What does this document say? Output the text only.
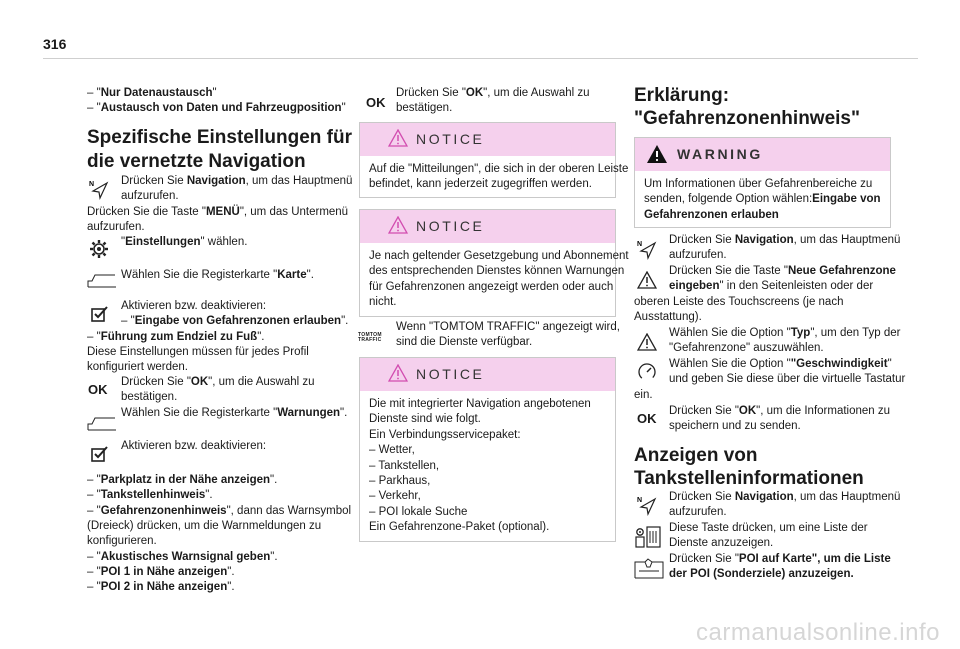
316
– "Nur Datenaustausch"
– "Austausch von Daten und Fahrzeugposition"
Spezifische Einstellungen für
die vernetzte Navigation
N Drücken Sie Navigation, um das Hauptmenü
aufzurufen.
Drücken Sie die Taste "MENÜ", um das Untermenü
aufzurufen.
"Einstellungen" wählen.
Wählen Sie die Registerkarte "Karte".
Aktivieren bzw. deaktivieren:
– "Eingabe von Gefahrenzonen erlauben".
– "Führung zum Endziel zu Fuß".
Diese Einstellungen müssen für jedes Profil
konfiguriert werden.
OK Drücken Sie "OK", um die Auswahl zu
bestätigen.
Wählen Sie die Registerkarte "Warnungen".
Aktivieren bzw. deaktivieren:
– "Parkplatz in der Nähe anzeigen".
– "Tankstellenhinweis".
– "Gefahrenzonenhinweis", dann das Warnsymbol
(Dreieck) drücken, um die Warnmeldungen zu
konfigurieren.
– "Akustisches Warnsignal geben".
– "POI 1 in Nähe anzeigen".
– "POI 2 in Nähe anzeigen".
OK
Drücken Sie "OK", um die Auswahl zu
bestätigen.
NOTICE
Auf die "Mitteilungen", die sich in der oberen Leiste
befindet, kann jederzeit zugegriffen werden.
NOTICE
Je nach geltender Gesetzgebung und Abonnement
des entsprechenden Dienstes können Warnungen
für Gefahrenzonen angezeigt werden oder auch
nicht.
TOMTOM TRAFFIC
Wenn "TOMTOM TRAFFIC" angezeigt wird,
sind die Dienste verfügbar.
NOTICE
Die mit integrierter Navigation angebotenen
Dienste sind wie folgt.
Ein Verbindungsservicepaket:
– Wetter,
– Tankstellen,
– Parkhaus,
– Verkehr,
– POI lokale Suche
Ein Gefahrenzone-Paket (optional).
Erklärung:
"Gefahrenzonenhinweis"
WARNING
Um Informationen über Gefahrenbereiche zu
senden, folgende Option wählen:Eingabe von
Gefahrenzonen erlauben
N Drücken Sie Navigation, um das Hauptmenü
aufzurufen.
Drücken Sie die Taste "Neue Gefahrenzone
eingeben" in den Seitenleisten oder der
oberen Leiste des Touchscreens (je nach
Ausstattung).
Wählen Sie die Option "Typ", um den Typ der
"Gefahrenzone" auszuwählen.
Wählen Sie die Option ""Geschwindigkeit"
und geben Sie diese über die virtuelle Tastatur
ein.
OK Drücken Sie "OK", um die Informationen zu
speichern und zu senden.
Anzeigen von
Tankstelleninformationen
N Drücken Sie Navigation, um das Hauptmenü
aufzurufen.
Diese Taste drücken, um eine Liste der
Dienste anzuzeigen.
Drücken Sie "POI auf Karte", um die Liste
der POI (Sonderziele) anzuzeigen.
carmanualsonline.info
